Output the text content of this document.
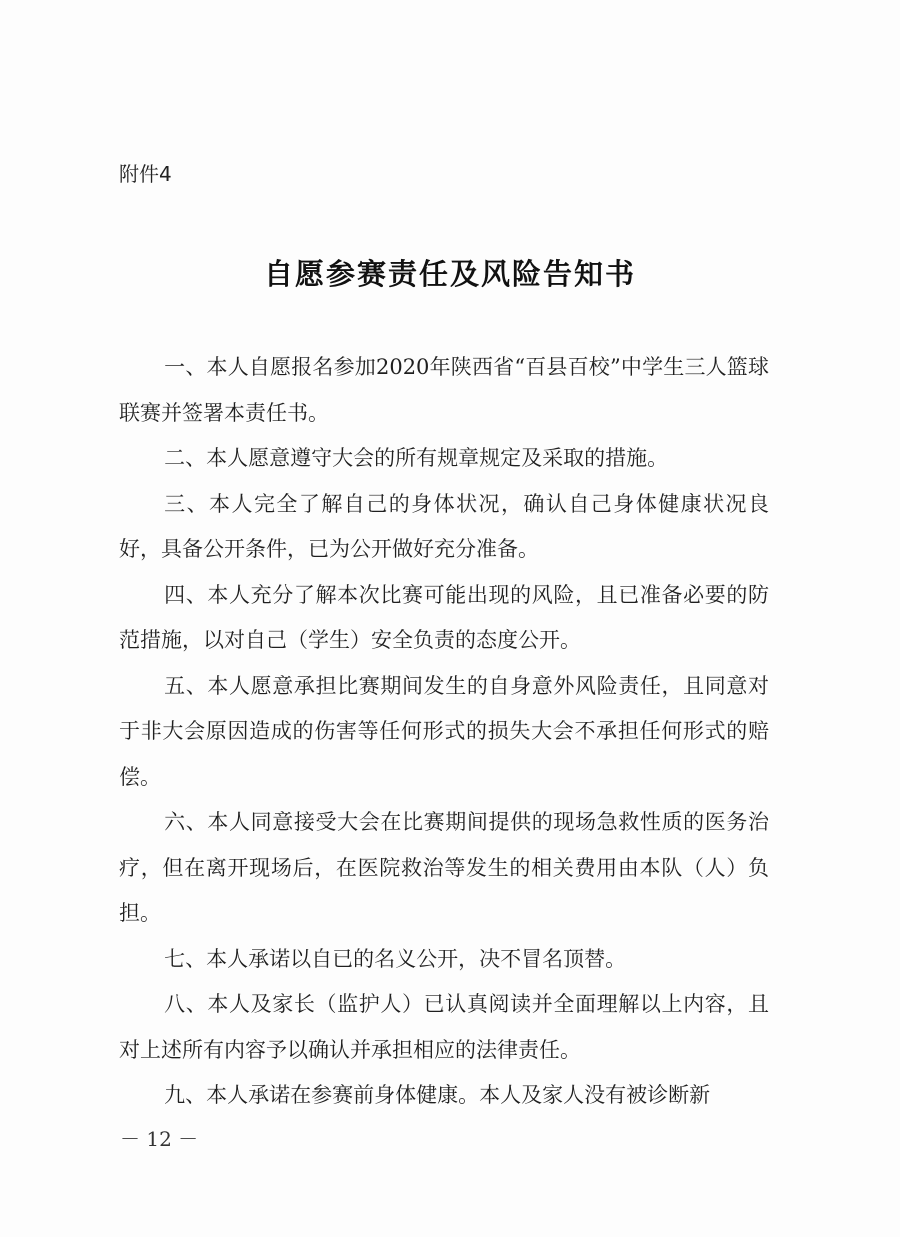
附件4
自愿参赛责任及风险告知书

一、本人自愿报名参加2020年陕西省“百县百校”中学生三人篮球联赛并签署本责任书。

二、本人愿意遵守大会的所有规章规定及采取的措施。

三、本人完全了解自己的身体状况，确认自己身体健康状况良好，具备公开条件，已为公开做好充分准备。

四、本人充分了解本次比赛可能出现的风险，且已准备必要的防范措施，以对自己（学生）安全负责的态度公开。

五、本人愿意承担比赛期间发生的自身意外风险责任，且同意对于非大会原因造成的伤害等任何形式的损失大会不承担任何形式的赔偿。

六、本人同意接受大会在比赛期间提供的现场急救性质的医务治疗，但在离开现场后，在医院救治等发生的相关费用由本队（人）负担。

七、本人承诺以自已的名义公开，决不冒名顶替。

八、本人及家长（监护人）已认真阅读并全面理解以上内容，且对上述所有内容予以确认并承担相应的法律责任。

九、本人承诺在参赛前身体健康。本人及家人没有被诊断新

－ 12 －
